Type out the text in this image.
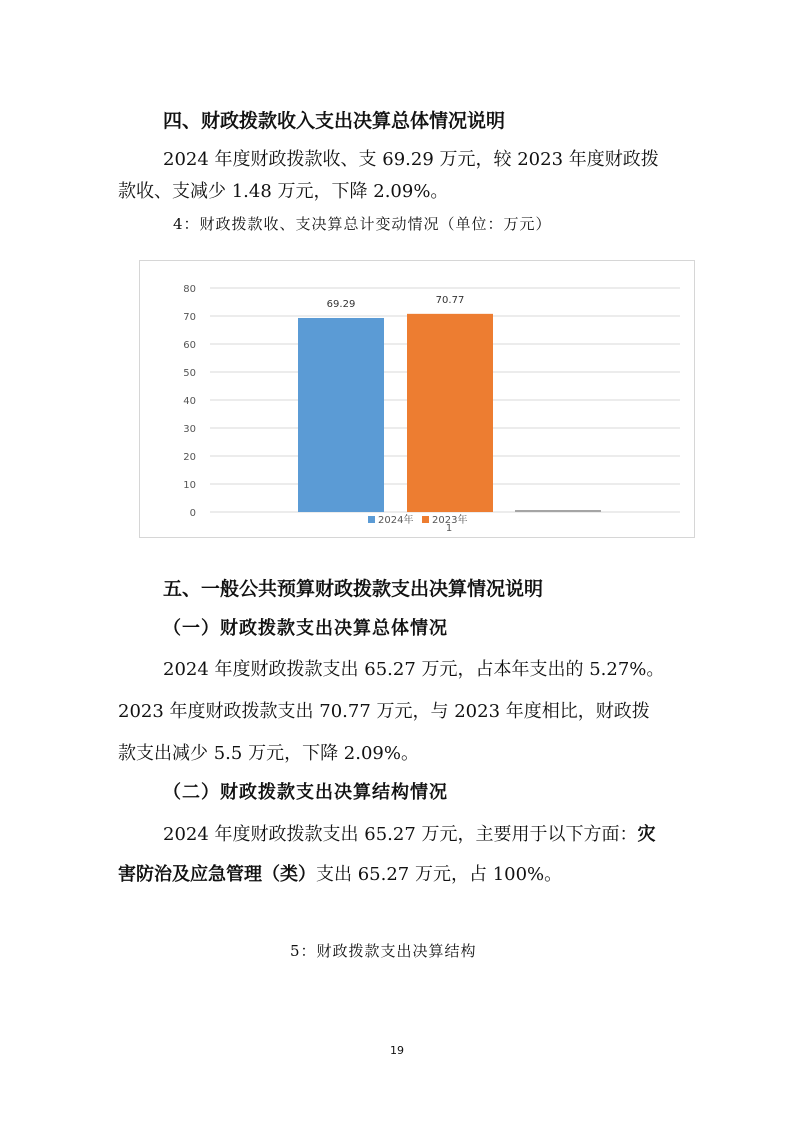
四、财政拨款收入支出决算总体情况说明
2024 年度财政拨款收、支 69.29 万元，较 2023 年度财政拨
款收、支减少 1.48 万元，下降 2.09%。
4：财政拨款收、支决算总计变动情况（单位：万元）
0
10
20
30
40
50
60
70
80
69.29	70.77
1
2024年 2023年
五、一般公共预算财政拨款支出决算情况说明
（一）财政拨款支出决算总体情况
2024 年度财政拨款支出 65.27 万元，占本年支出的 5.27%。
2023 年度财政拨款支出 70.77 万元，与 2023 年度相比，财政拨
款支出减少 5.5 万元，下降 2.09%。
（二）财政拨款支出决算结构情况
2024 年度财政拨款支出 65.27 万元，主要用于以下方面：灾
害防治及应急管理（类）支出 65.27 万元，占 100%。
5：财政拨款支出决算结构
19
